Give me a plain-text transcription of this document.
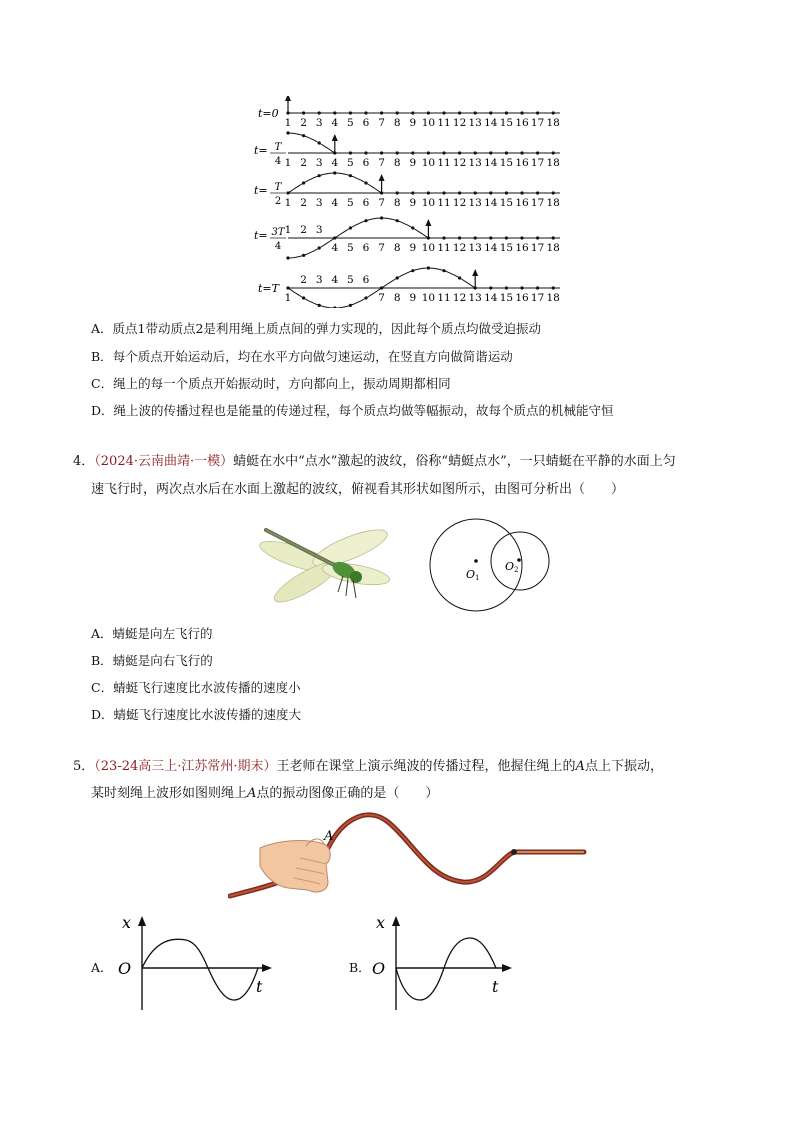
t=0
1 2 3 4 5 6 7 8 9 10 11 12 13 14 15 16 17 18
t= T
4 1 2 3 4 5 6 7 8 9 10 11 12 13 14 15 16 17 18
t= T
2 1 2 3 4 5 6 7 8 9 10 11 12 13 14 15 16 17 18
t= 3T
4
1 2 3
4 5 6 7 8 9 10 11 12 13 14 15 16 17 18
t=T
1
2 3 4 5 6
7 8 9 10 11 12 13 14 15 16 17 18
A．质点1带动质点2是利用绳上质点间的弹力实现的，因此每个质点均做受迫振动
B．每个质点开始运动后，均在水平方向做匀速运动，在竖直方向做简谐运动
C．绳上的每一个质点开始振动时，方向都向上，振动周期都相同
D．绳上波的传播过程也是能量的传递过程，每个质点均做等幅振动，故每个质点的机械能守恒
4．（2024·云南曲靖·一模）蜻蜓在水中“点水”激起的波纹，俗称“蜻蜓点水”，一只蜻蜓在平静的水面上匀
速飞行时，两次点水后在水面上激起的波纹，俯视看其形状如图所示，由图可分析出（　　）
O1
O2
A．蜻蜓是向左飞行的
B．蜻蜓是向右飞行的
C．蜻蜓飞行速度比水波传播的速度小
D．蜻蜓飞行速度比水波传播的速度大
5．（23-24高三上·江苏常州·期末）王老师在课堂上演示绳波的传播过程，他握住绳上的A点上下振动，
某时刻绳上波形如图则绳上A点的振动图像正确的是（　　）
A
A．
x
O
t
B．
x
O
t
